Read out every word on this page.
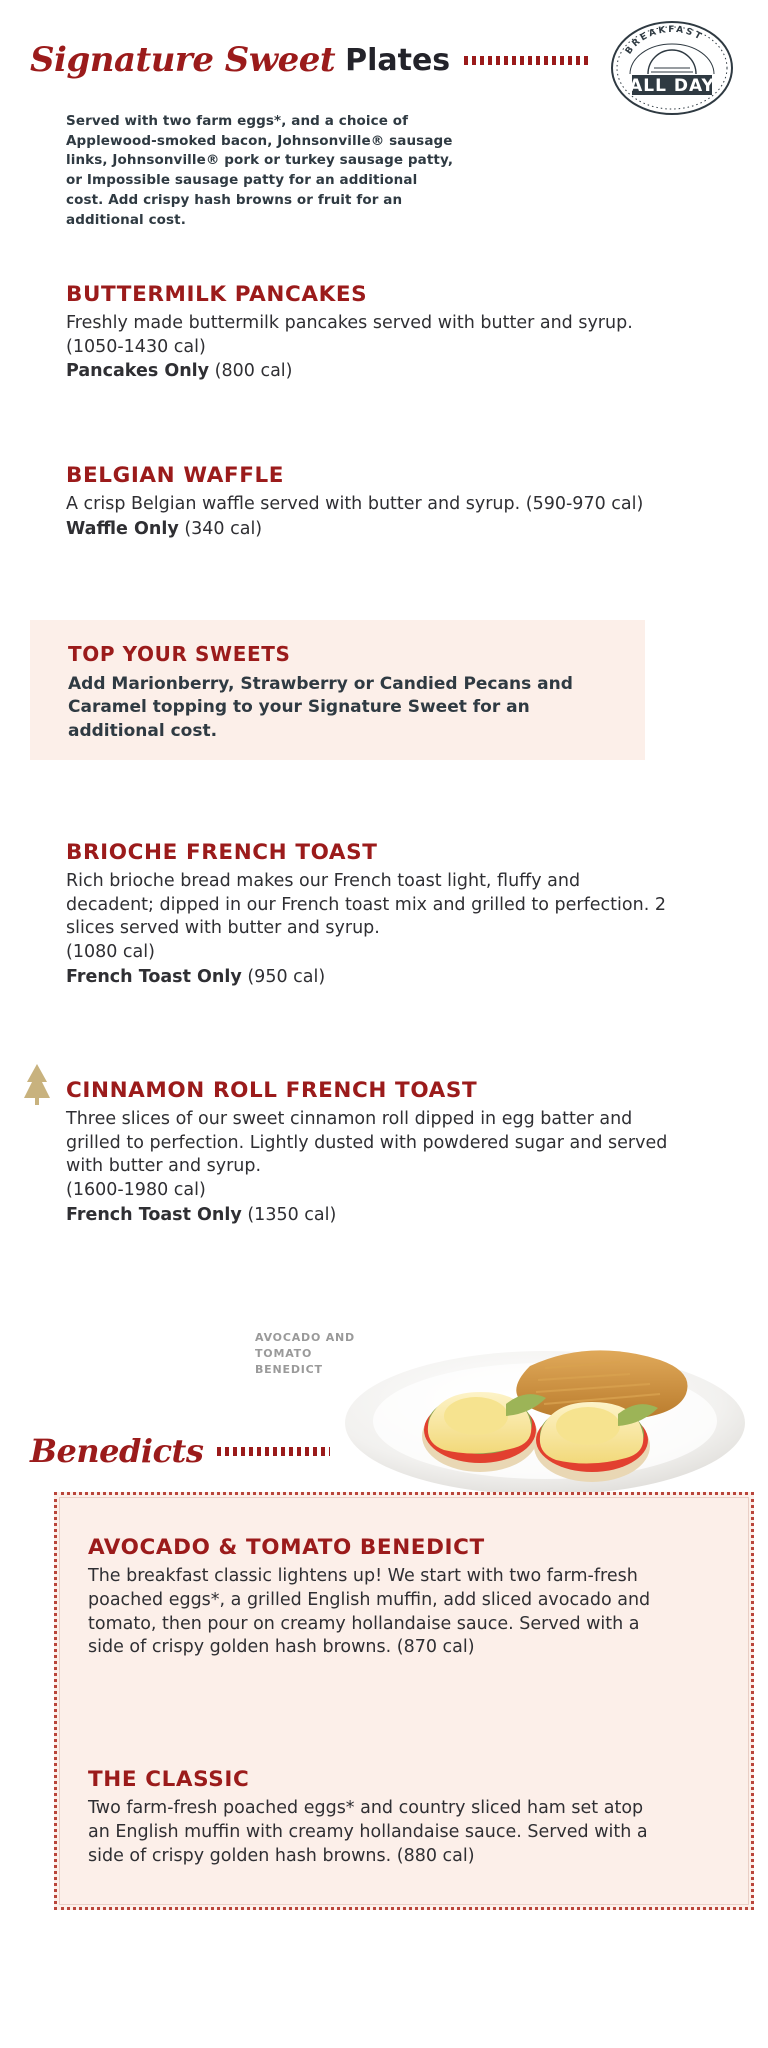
Signature Sweet Plates	BREAKFAST
ALL DAY
Served with two farm eggs*, and a choice of Applewood-smoked bacon, Johnsonville® sausage links, Johnsonville® pork or turkey sausage patty, or Impossible sausage patty for an additional cost. Add crispy hash browns or fruit for an additional cost.
BUTTERMILK PANCAKES
Freshly made buttermilk pancakes served with butter and syrup.
(1050-1430 cal)
Pancakes Only (800 cal)
BELGIAN WAFFLE
A crisp Belgian waffle served with butter and syrup. (590-970 cal)
Waffle Only (340 cal)
TOP YOUR SWEETS
Add Marionberry, Strawberry or Candied Pecans and Caramel topping to your Signature Sweet for an additional cost.
BRIOCHE FRENCH TOAST
Rich brioche bread makes our French toast light, fluffy and decadent; dipped in our French toast mix and grilled to perfection. 2 slices served with butter and syrup.
(1080 cal)
French Toast Only (950 cal)
CINNAMON ROLL FRENCH TOAST
Three slices of our sweet cinnamon roll dipped in egg batter and grilled to perfection. Lightly dusted with powdered sugar and served with butter and syrup.
(1600-1980 cal)
French Toast Only (1350 cal)
AVOCADO AND TOMATO BENEDICT
Benedicts
AVOCADO & TOMATO BENEDICT
The breakfast classic lightens up! We start with two farm-fresh poached eggs*, a grilled English muffin, add sliced avocado and tomato, then pour on creamy hollandaise sauce. Served with a side of crispy golden hash browns. (870 cal)
THE CLASSIC
Two farm-fresh poached eggs* and country sliced ham set atop an English muffin with creamy hollandaise sauce. Served with a side of crispy golden hash browns. (880 cal)
